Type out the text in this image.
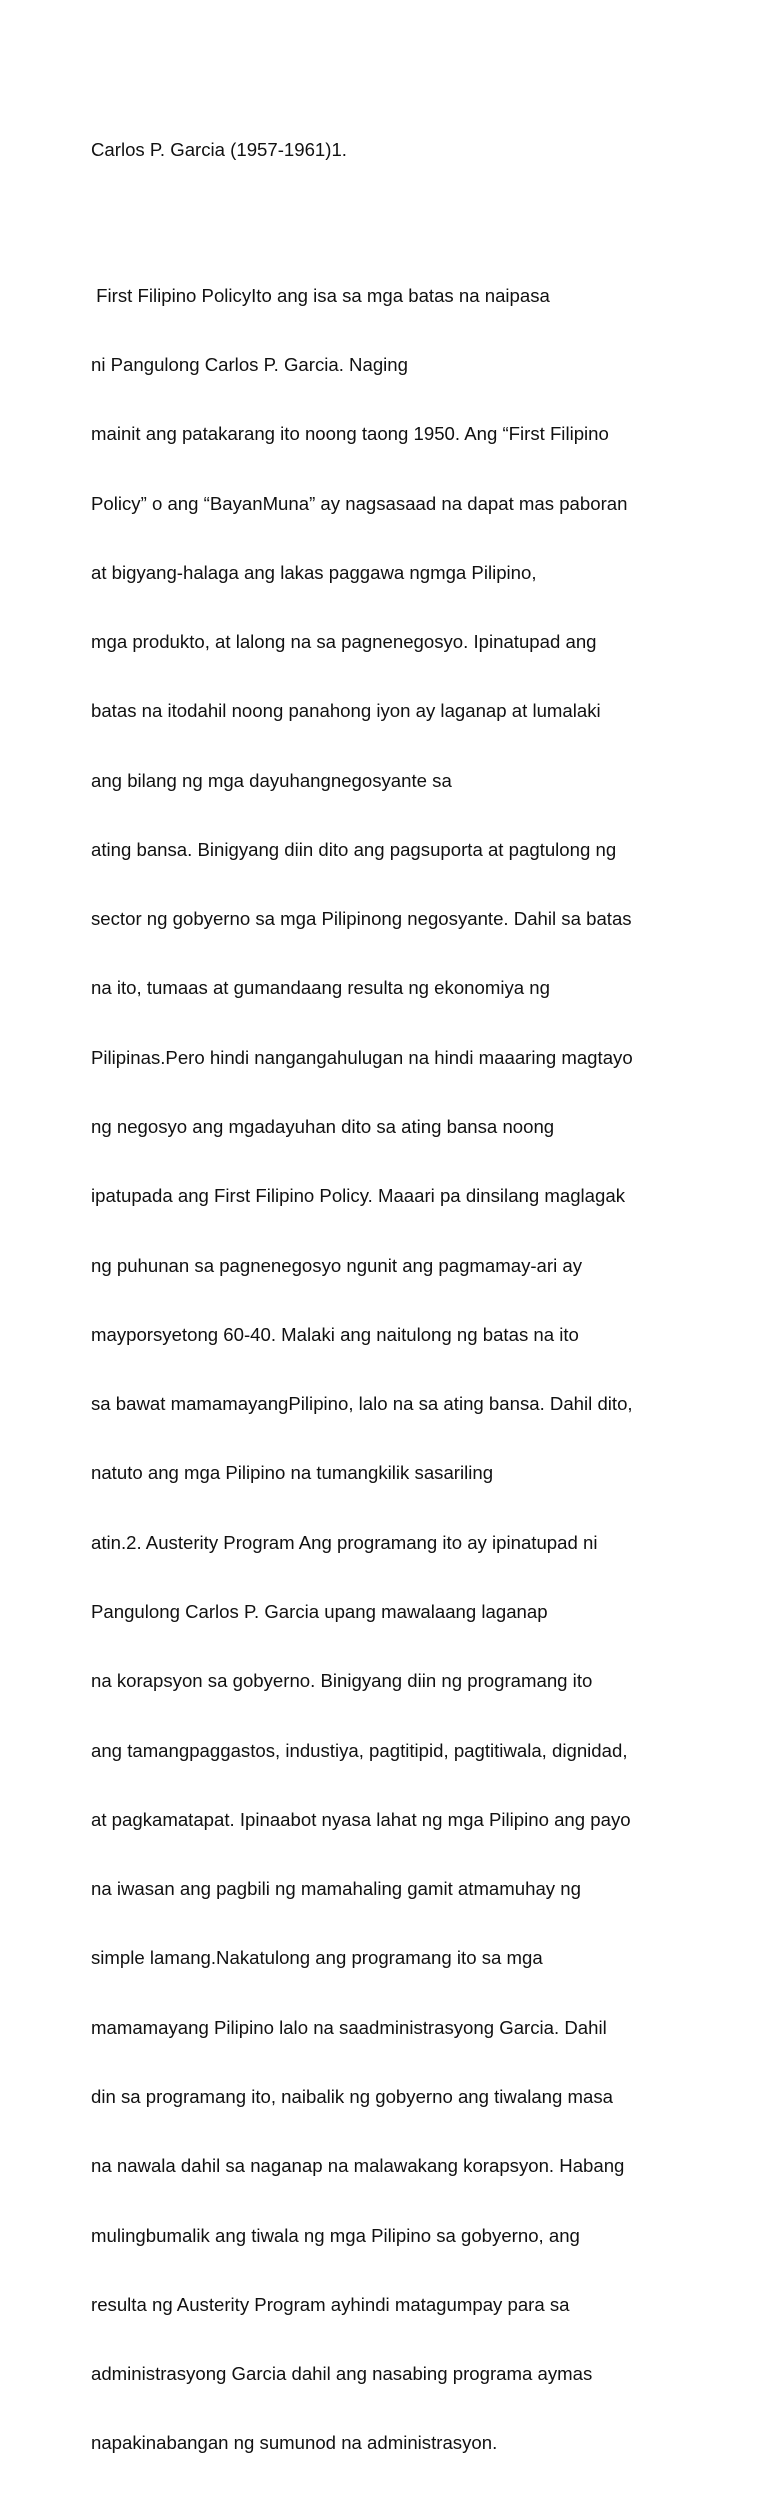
Carlos P. Garcia (1957-1961)1.

First Filipino PolicyIto ang isa sa mga batas na naipasa

ni Pangulong Carlos P. Garcia. Naging

mainit ang patakarang ito noong taong 1950. Ang “First Filipino

Policy” o ang “BayanMuna” ay nagsasaad na dapat mas paboran

at bigyang-halaga ang lakas paggawa ngmga Pilipino,

mga produkto, at lalong na sa pagnenegosyo. Ipinatupad ang

batas na itodahil noong panahong iyon ay laganap at lumalaki

ang bilang ng mga dayuhangnegosyante sa

ating bansa. Binigyang diin dito ang pagsuporta at pagtulong ng

sector ng gobyerno sa mga Pilipinong negosyante. Dahil sa batas

na ito, tumaas at gumandaang resulta ng ekonomiya ng

Pilipinas.Pero hindi nangangahulugan na hindi maaaring magtayo

ng negosyo ang mgadayuhan dito sa ating bansa noong

ipatupada ang First Filipino Policy. Maaari pa dinsilang maglagak

ng puhunan sa pagnenegosyo ngunit ang pagmamay-ari ay

mayporsyetong 60-40. Malaki ang naitulong ng batas na ito

sa bawat mamamayangPilipino, lalo na sa ating bansa. Dahil dito,

natuto ang mga Pilipino na tumangkilik sasariling

atin.2. Austerity Program Ang programang ito ay ipinatupad ni

Pangulong Carlos P. Garcia upang mawalaang laganap

na korapsyon sa gobyerno. Binigyang diin ng programang ito

ang tamangpaggastos, industiya, pagtitipid, pagtitiwala, dignidad,

at pagkamatapat. Ipinaabot nyasa lahat ng mga Pilipino ang payo

na iwasan ang pagbili ng mamahaling gamit atmamuhay ng

simple lamang.Nakatulong ang programang ito sa mga

mamamayang Pilipino lalo na saadministrasyong Garcia. Dahil

din sa programang ito, naibalik ng gobyerno ang tiwalang masa

na nawala dahil sa naganap na malawakang korapsyon. Habang

mulingbumalik ang tiwala ng mga Pilipino sa gobyerno, ang

resulta ng Austerity Program ayhindi matagumpay para sa

administrasyong Garcia dahil ang nasabing programa aymas

napakinabangan ng sumunod na administrasyon.
